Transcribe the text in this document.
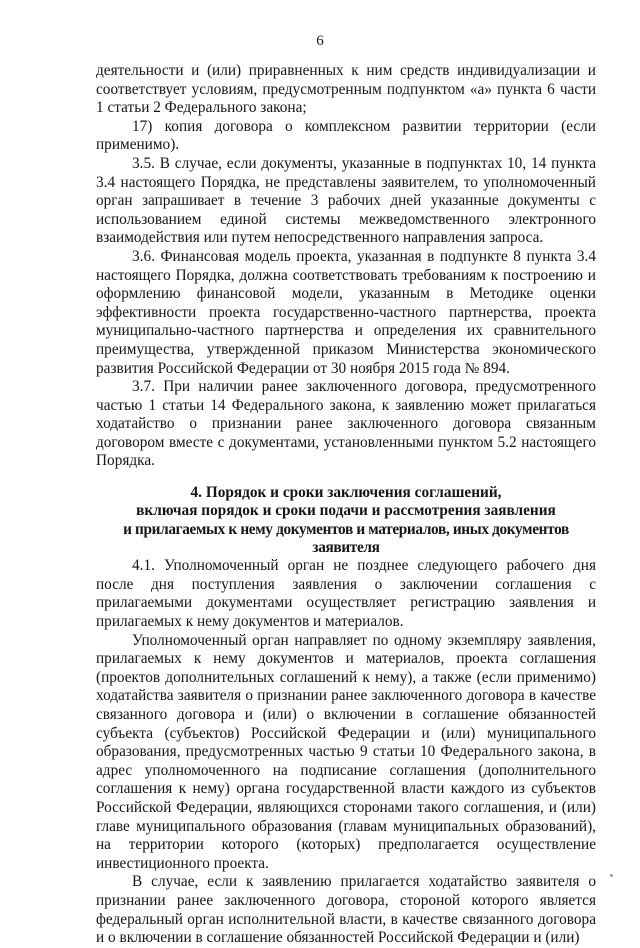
6

деятельности и (или) приравненных к ним средств индивидуализации и соответствует условиям, предусмотренным подпунктом «а» пункта 6 части 1 статьи 2 Федерального закона;

17) копия договора о комплексном развитии территории (если применимо).

3.5. В случае, если документы, указанные в подпунктах 10, 14 пункта 3.4 настоящего Порядка, не представлены заявителем, то уполномоченный орган запрашивает в течение 3 рабочих дней указанные документы с использованием единой системы межведомственного электронного взаимодействия или путем непосредственного направления запроса.

3.6. Финансовая модель проекта, указанная в подпункте 8 пункта 3.4 настоящего Порядка, должна соответствовать требованиям к построению и оформлению финансовой модели, указанным в Методике оценки эффективности проекта государственно-частного партнерства, проекта муниципально-частного партнерства и определения их сравнительного преимущества, утвержденной приказом Министерства экономического развития Российской Федерации от 30 ноября 2015 года № 894.

3.7. При наличии ранее заключенного договора, предусмотренного частью 1 статьи 14 Федерального закона, к заявлению может прилагаться ходатайство о признании ранее заключенного договора связанным договором вместе с документами, установленными пунктом 5.2 настоящего Порядка.

4. Порядок и сроки заключения соглашений,
включая порядок и сроки подачи и рассмотрения заявления
и прилагаемых к нему документов и материалов, иных документов заявителя

4.1. Уполномоченный орган не позднее следующего рабочего дня после дня поступления заявления о заключении соглашения с прилагаемыми документами осуществляет регистрацию заявления и прилагаемых к нему документов и материалов.

Уполномоченный орган направляет по одному экземпляру заявления, прилагаемых к нему документов и материалов, проекта соглашения (проектов дополнительных соглашений к нему), а также (если применимо) ходатайства заявителя о признании ранее заключенного договора в качестве связанного договора и (или) о включении в соглашение обязанностей субъекта (субъектов) Российской Федерации и (или) муниципального образования, предусмотренных частью 9 статьи 10 Федерального закона, в адрес уполномоченного на подписание соглашения (дополнительного соглашения к нему) органа государственной власти каждого из субъектов Российской Федерации, являющихся сторонами такого соглашения, и (или) главе муниципального образования (главам муниципальных образований), на территории которого (которых) предполагается осуществление инвестиционного проекта.

В случае, если к заявлению прилагается ходатайство заявителя о признании ранее заключенного договора, стороной которого является федеральный орган исполнительной власти, в качестве связанного договора и о включении в соглашение обязанностей Российской Федерации и (или)
